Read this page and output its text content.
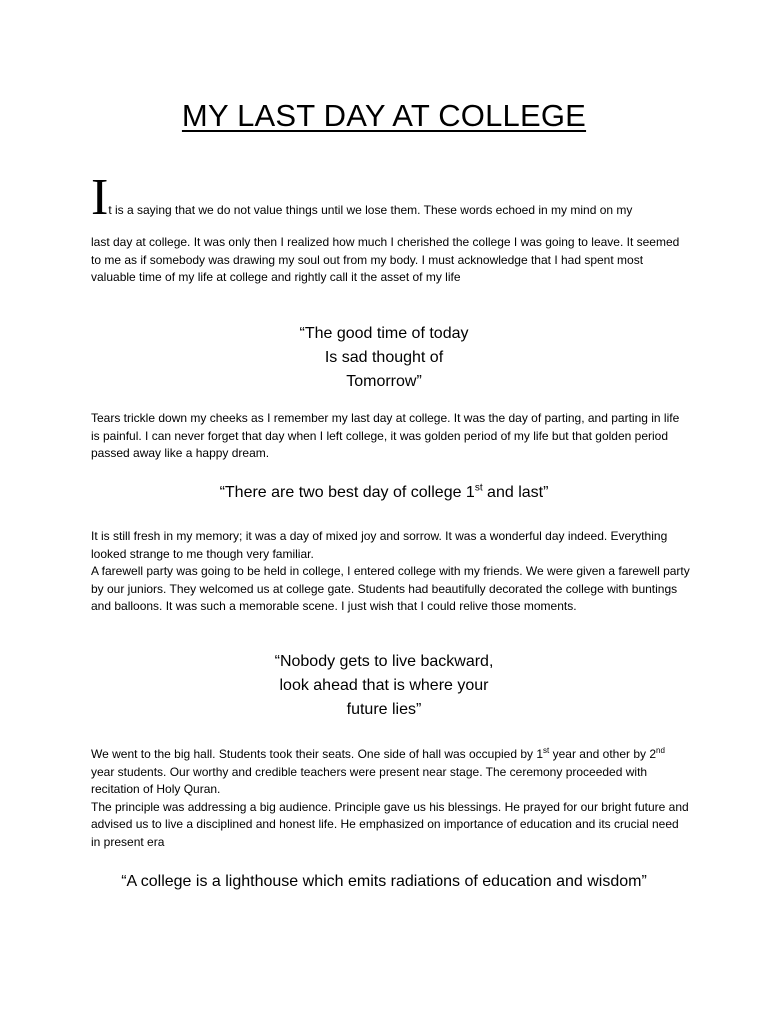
MY LAST DAY AT COLLEGE
It is a saying that we do not value things until we lose them. These words echoed in my mind on my

last day at college. It was only then I realized how much I cherished the college I was going to leave. It seemed to me as if somebody was drawing my soul out from my body. I must acknowledge that I had spent most valuable time of my life at college and rightly call it the asset of my life

“The good time of today
Is sad thought of
Tomorrow”

Tears trickle down my cheeks as I remember my last day at college. It was the day of parting, and parting in life is painful. I can never forget that day when I left college, it was golden period of my life but that golden period passed away like a happy dream.

“There are two best day of college 1st and last”
It is still fresh in my memory; it was a day of mixed joy and sorrow. It was a wonderful day indeed. Everything looked strange to me though very familiar.
A farewell party was going to be held in college, I entered college with my friends. We were given a farewell party by our juniors. They welcomed us at college gate. Students had beautifully decorated the college with buntings and balloons. It was such a memorable scene. I just wish that I could relive those moments.
“Nobody gets to live backward,
look ahead that is where your
future lies”
We went to the big hall. Students took their seats. One side of hall was occupied by 1st year and other by 2nd year students. Our worthy and credible teachers were present near stage. The ceremony proceeded with recitation of Holy Quran.
The principle was addressing a big audience. Principle gave us his blessings. He prayed for our bright future and advised us to live a disciplined and honest life. He emphasized on importance of education and its crucial need in present era
“A college is a lighthouse which emits radiations of education and wisdom”
